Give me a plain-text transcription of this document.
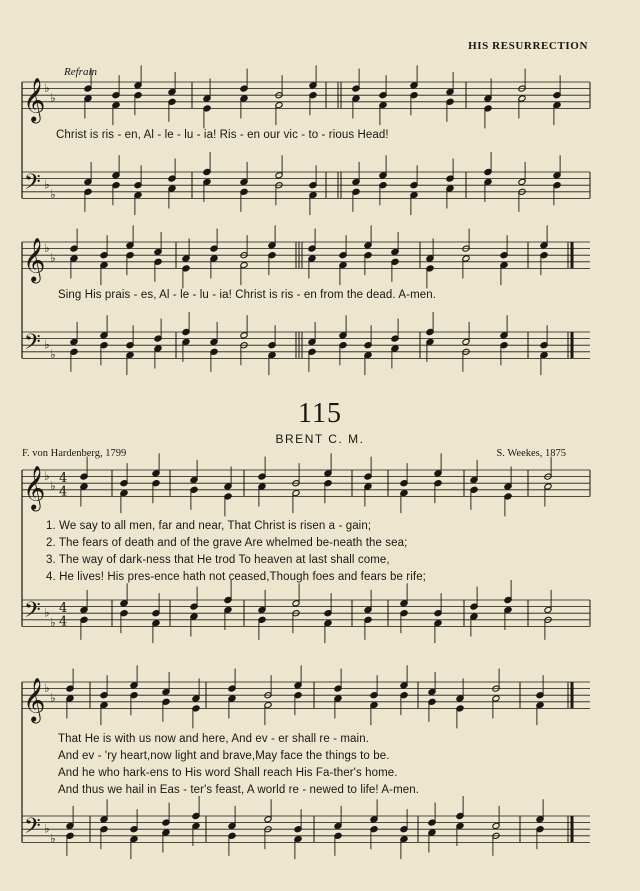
HIS RESURRECTION
Refrain
𝄞
𝄢
♭
♭
♭
♭
𝄞
𝄢
♭
♭
♭
♭
𝄞
𝄢
♭
♭
♭
♭
4
4
4
4
𝄞
𝄢
♭
♭
♭
♭
Christ is ris - en, Al - le - lu - ia! Ris - en our vic - to - rious Head!
Sing His prais - es, Al - le - lu - ia! Christ is ris - en from the dead. A-men.
115
BRENT C. M.
F. von Hardenberg, 1799	S. Weekes, 1875
1. We say to all men, far and near, That Christ is risen a - gain;
2. The fears of death and of the grave Are whelmed be-neath the sea;
3. The way of dark-ness that He trod To heaven at last shall come,
4. He lives! His pres-ence hath not ceased,Though foes and fears be rife;
That He is with us now and here, And ev - er shall re - main.
And ev - 'ry heart,now light and brave,May face the things to be.
And he who hark-ens to His word Shall reach His Fa-ther's home.
And thus we hail in Eas - ter's feast, A world re - newed to life! A-men.
